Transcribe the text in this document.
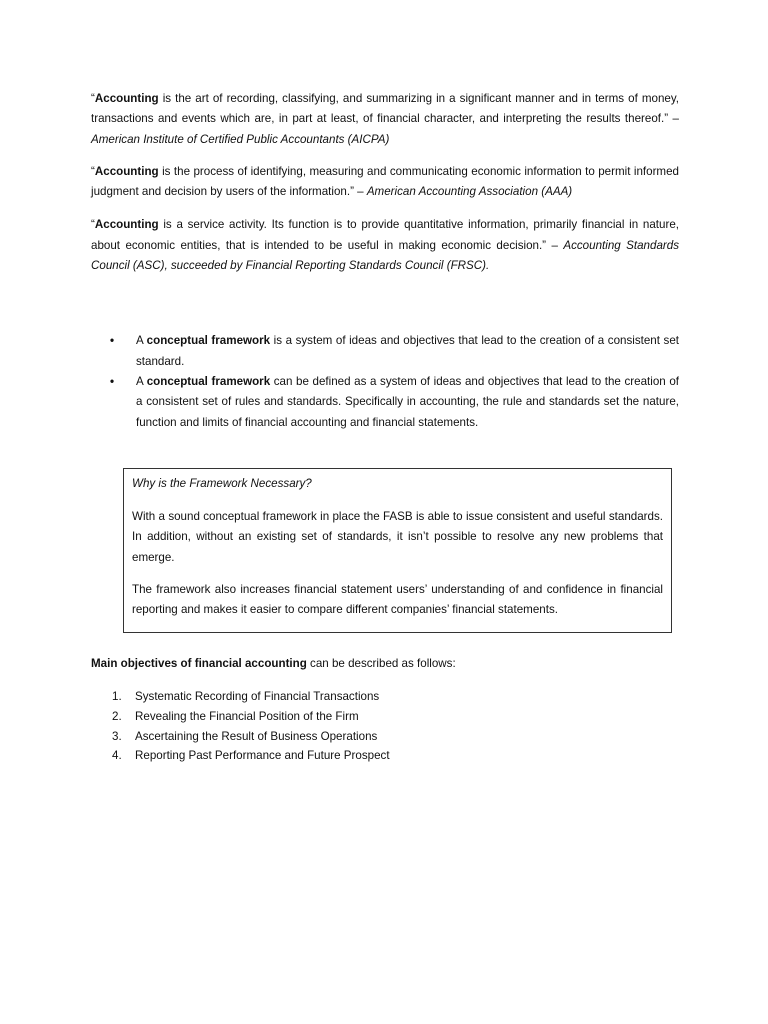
“Accounting is the art of recording, classifying, and summarizing in a significant manner and in terms of money, transactions and events which are, in part at least, of financial character, and interpreting the results thereof.” – American Institute of Certified Public Accountants (AICPA)

“Accounting is the process of identifying, measuring and communicating economic information to permit informed judgment and decision by users of the information.” – American Accounting Association (AAA)

“Accounting is a service activity. Its function is to provide quantitative information, primarily financial in nature, about economic entities, that is intended to be useful in making economic decision.” – Accounting Standards Council (ASC), succeeded by Financial Reporting Standards Council (FRSC).

• A conceptual framework is a system of ideas and objectives that lead to the creation of a consistent set standard.
• A conceptual framework can be defined as a system of ideas and objectives that lead to the creation of a consistent set of rules and standards. Specifically in accounting, the rule and standards set the nature, function and limits of financial accounting and financial statements.
Why is the Framework Necessary?

With a sound conceptual framework in place the FASB is able to issue consistent and useful standards. In addition, without an existing set of standards, it isn’t possible to resolve any new problems that emerge.

The framework also increases financial statement users’ understanding of and confidence in financial reporting and makes it easier to compare different companies’ financial statements.

Main objectives of financial accounting can be described as follows:

1. Systematic Recording of Financial Transactions
2. Revealing the Financial Position of the Firm
3. Ascertaining the Result of Business Operations
4. Reporting Past Performance and Future Prospect
